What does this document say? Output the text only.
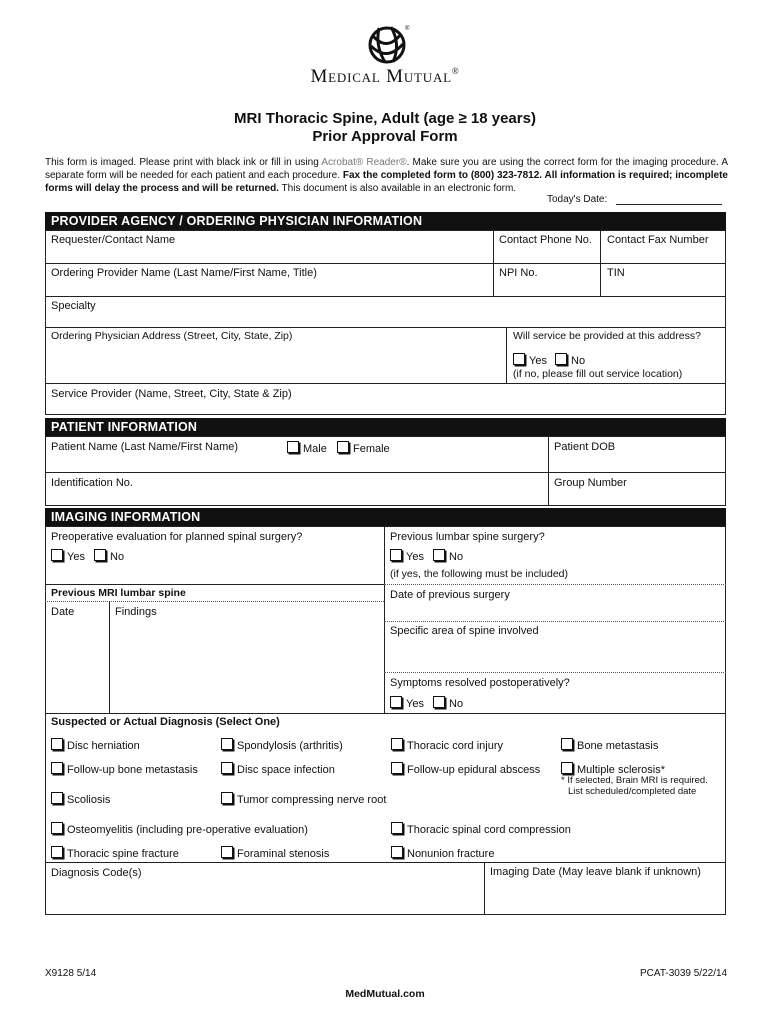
®
Medical Mutual®
MRI Thoracic Spine, Adult (age ≥ 18 years)
Prior Approval Form
This form is imaged. Please print with black ink or fill in using Acrobat® Reader®. Make sure you are using the correct form for the imaging procedure. A separate form will be needed for each patient and each procedure. Fax the completed form to (800) 323-7812. All information is required; incomplete forms will delay the process and will be returned. This document is also available in an electronic form.
Today's Date:
PROVIDER AGENCY / ORDERING PHYSICIAN INFORMATION
Requester/Contact Name	Contact Phone No. Contact Fax Number
Ordering Provider Name (Last Name/First Name, Title)	NPI No.	TIN
Specialty
Ordering Physician Address (Street, City, State, Zip)	Will service be provided at this address?
Yes	No
(if no, please fill out service location)
Service Provider (Name, Street, City, State & Zip)
PATIENT INFORMATION
Patient Name (Last Name/First Name)	Male	Female	Patient DOB
Identification No.	Group Number
IMAGING INFORMATION
Preoperative evaluation for planned spinal surgery?
Yes	No
Previous lumbar spine surgery?
Yes	No
(if yes, the following must be included)
Previous MRI lumbar spine
Date	Findings
Date of previous surgery
Specific area of spine involved
Symptoms resolved postoperatively?
Yes	No
Suspected or Actual Diagnosis (Select One)
Disc herniation	Spondylosis (arthritis)	Thoracic cord injury	Bone metastasis
Follow-up bone metastasis	Disc space infection	Follow-up epidural abscess	Multiple sclerosis*
* If selected, Brain MRI is required.
List scheduled/completed date
Scoliosis	Tumor compressing nerve root
Osteomyelitis (including pre-operative evaluation)	Thoracic spinal cord compression
Thoracic spine fracture	Foraminal stenosis	Nonunion fracture
Diagnosis Code(s)	Imaging Date (May leave blank if unknown)
X9128 5/14	PCAT-3039 5/22/14
MedMutual.com
